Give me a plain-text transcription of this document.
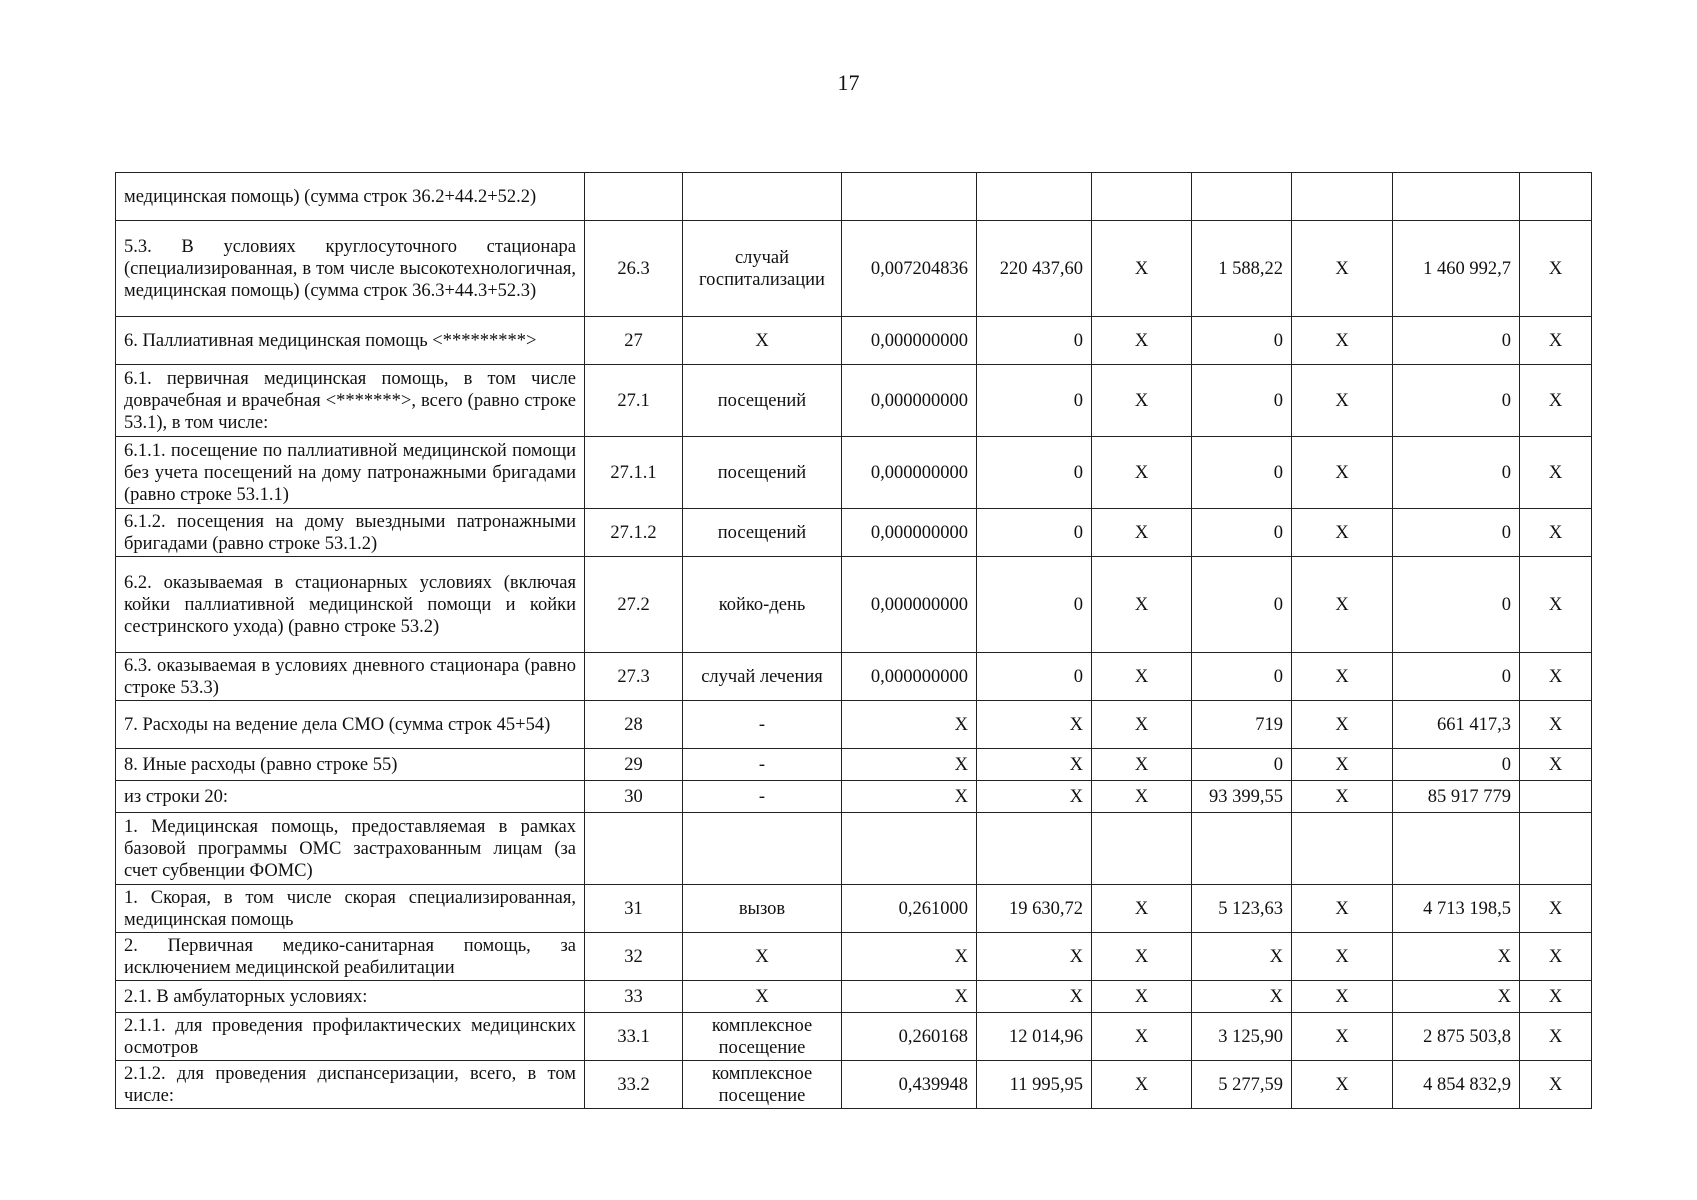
17
медицинская помощь) (сумма строк 36.2+44.2+52.2)									
5.3. В условиях круглосуточного стационара (специализированная, в том числе высокотехнологичная, медицинская помощь) (сумма строк 36.3+44.3+52.3)	26.3	случай госпитализации	0,007204836	220 437,60	X	1 588,22	X	1 460 992,7	X
6. Паллиативная медицинская помощь <*********>	27	X	0,000000000	0	X	0	X	0	X
6.1. первичная медицинская помощь, в том числе доврачебная и врачебная <*******>, всего (равно строке 53.1), в том числе:	27.1	посещений	0,000000000	0	X	0	X	0	X
6.1.1. посещение по паллиативной медицинской помощи без учета посещений на дому патронажными бригадами (равно строке 53.1.1)	27.1.1	посещений	0,000000000	0	X	0	X	0	X
6.1.2. посещения на дому выездными патронажными бригадами (равно строке 53.1.2)	27.1.2	посещений	0,000000000	0	X	0	X	0	X
6.2. оказываемая в стационарных условиях (включая койки паллиативной медицинской помощи и койки сестринского ухода) (равно строке 53.2)	27.2	койко-день	0,000000000	0	X	0	X	0	X
6.3. оказываемая в условиях дневного стационара (равно строке 53.3)	27.3	случай лечения	0,000000000	0	X	0	X	0	X
7. Расходы на ведение дела СМО (сумма строк 45+54)	28	-	X	X	X	719	X	661 417,3	X
8. Иные расходы (равно строке 55)	29	-	X	X	X	0	X	0	X
из строки 20:	30	-	X	X	X	93 399,55	X	85 917 779	
1. Медицинская помощь, предоставляемая в рамках базовой программы ОМС застрахованным лицам (за счет субвенции ФОМС)									
1. Скорая, в том числе скорая специализированная, медицинская помощь	31	вызов	0,261000	19 630,72	X	5 123,63	X	4 713 198,5	X
2. Первичная медико-санитарная помощь, за исключением медицинской реабилитации	32	X	X	X	X	X	X	X	X
2.1. В амбулаторных условиях:	33	X	X	X	X	X	X	X	X
2.1.1. для проведения профилактических медицинских осмотров	33.1	комплексное посещение	0,260168	12 014,96	X	3 125,90	X	2 875 503,8	X
2.1.2. для проведения диспансеризации, всего, в том числе:	33.2	комплексное посещение	0,439948	11 995,95	X	5 277,59	X	4 854 832,9	X
